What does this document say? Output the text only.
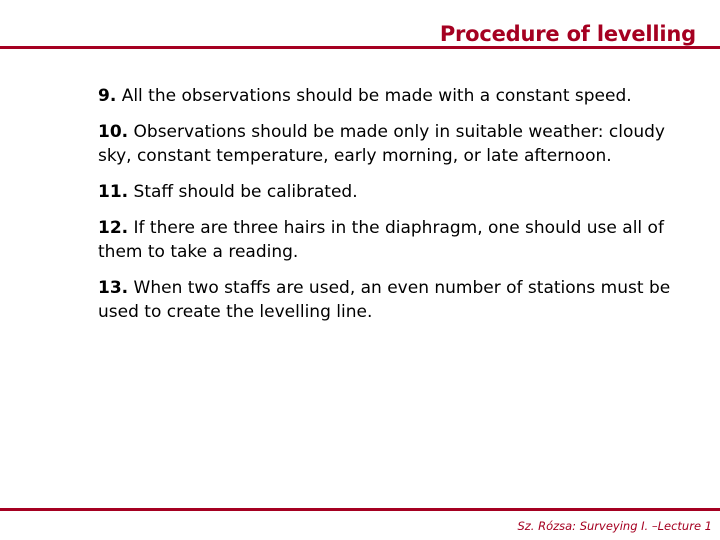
Procedure of levelling
9. All the observations should be made with a constant speed.
10. Observations should be made only in suitable weather: cloudy sky, constant temperature, early morning, or late afternoon.
11. Staff should be calibrated.
12. If there are three hairs in the diaphragm, one should use all of them to take a reading.
13. When two staffs are used, an even number of stations must be used to create the levelling line.
Sz. Rózsa: Surveying I. –Lecture 1
